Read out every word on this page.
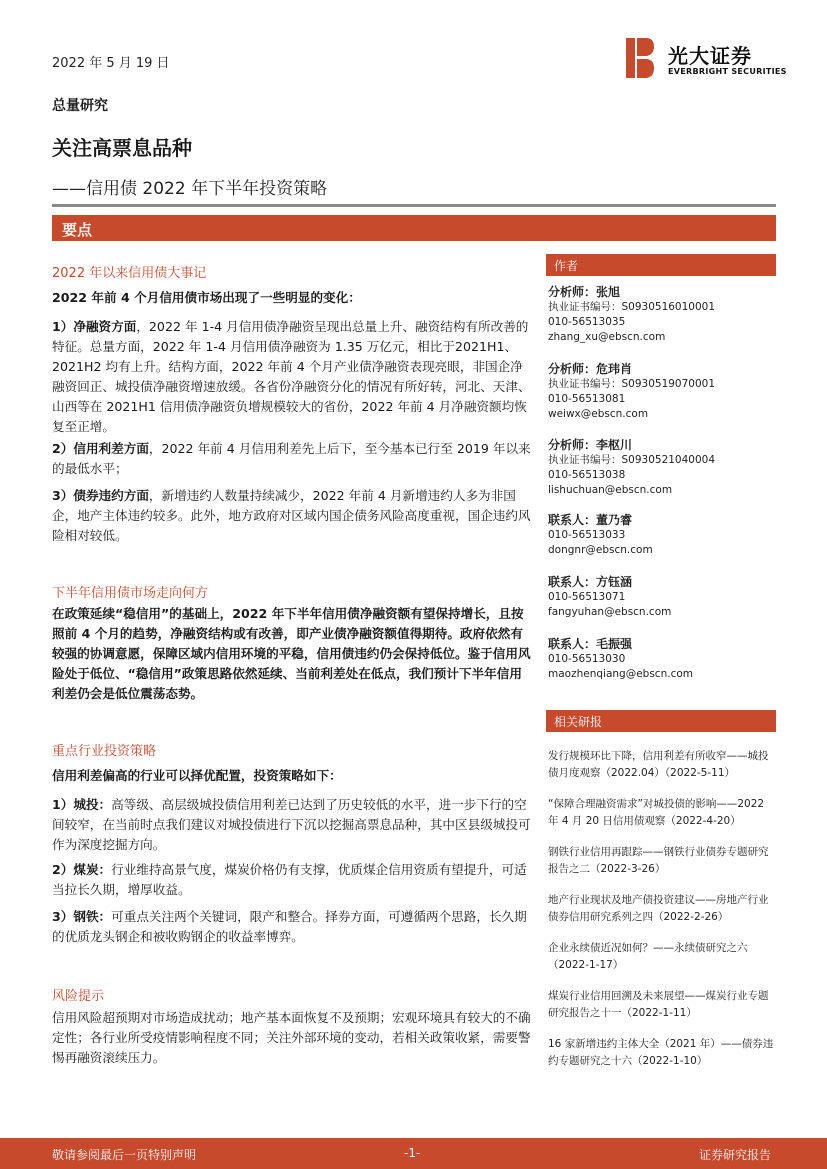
2022 年 5 月 19 日	光大证券
EVERBRIGHT SECURITIES
总量研究
关注高票息品种
——信用债 2022 年下半年投资策略
要点
2022 年以来信用债大事记
2022 年前 4 个月信用债市场出现了一些明显的变化：

1）净融资方面，2022 年 1-4 月信用债净融资呈现出总量上升、融资结构有所改善的特征。总量方面，2022 年 1-4 月信用债净融资为 1.35 万亿元，相比于2021H1、2021H2 均有上升。结构方面，2022 年前 4 个月产业债净融资表现亮眼，非国企净融资回正、城投债净融资增速放缓。各省份净融资分化的情况有所好转，河北、天津、山西等在 2021H1 信用债净融资负增规模较大的省份，2022 年前 4 月净融资额均恢复至正增。

2）信用利差方面，2022 年前 4 月信用利差先上后下，至今基本已行至 2019 年以来的最低水平；

3）债券违约方面，新增违约人数量持续减少，2022 年前 4 月新增违约人多为非国企，地产主体违约较多。此外，地方政府对区域内国企债务风险高度重视，国企违约风险相对较低。

下半年信用债市场走向何方
在政策延续“稳信用”的基础上，2022 年下半年信用债净融资额有望保持增长，且按照前 4 个月的趋势，净融资结构或有改善，即产业债净融资额值得期待。政府依然有较强的协调意愿，保障区域内信用环境的平稳，信用债违约仍会保持低位。鉴于信用风险处于低位、“稳信用”政策思路依然延续、当前利差处在低点，我们预计下半年信用利差仍会是低位震荡态势。
重点行业投资策略
信用利差偏高的行业可以择优配置，投资策略如下：

1）城投：高等级、高层级城投债信用利差已达到了历史较低的水平，进一步下行的空间较窄，在当前时点我们建议对城投债进行下沉以挖掘高票息品种，其中区县级城投可作为深度挖掘方向。

2）煤炭：行业维持高景气度，煤炭价格仍有支撑，优质煤企信用资质有望提升，可适当拉长久期，增厚收益。

3）钢铁：可重点关注两个关键词，限产和整合。择券方面，可遵循两个思路，长久期的优质龙头钢企和被收购钢企的收益率博弈。

风险提示
信用风险超预期对市场造成扰动；地产基本面恢复不及预期；宏观环境具有较大的不确定性；各行业所受疫情影响程度不同；关注外部环境的变动，若相关政策收紧，需要警惕再融资滚续压力。
作者
分析师：张旭
执业证书编号：S0930516010001
010-56513035
zhang_xu@ebscn.com
分析师：危玮肖
执业证书编号：S0930519070001
010-56513081
weiwx@ebscn.com
分析师：李枢川
执业证书编号：S0930521040004
010-56513038
lishuchuan@ebscn.com
联系人：董乃睿
010-56513033
dongnr@ebscn.com
联系人：方钰涵
010-56513071
fangyuhan@ebscn.com
联系人：毛振强
010-56513030
maozhenqiang@ebscn.com
相关研报
发行规模环比下降，信用利差有所收窄——城投债月度观察（2022.04）（2022-5-11）
“保障合理融资需求”对城投债的影响——2022 年 4 月 20 日信用债观察（2022-4-20）
钢铁行业信用再跟踪——钢铁行业债券专题研究报告之二（2022-3-26）
地产行业现状及地产债投资建议——房地产行业债券信用研究系列之四（2022-2-26）
企业永续债近况如何？——永续债研究之六（2022-1-17）
煤炭行业信用回溯及未来展望——煤炭行业专题研究报告之十一（2022-1-11）
16 家新增违约主体大全（2021 年）——债券违约专题研究之十六（2022-1-10）
敬请参阅最后一页特别声明	-1-	证券研究报告
